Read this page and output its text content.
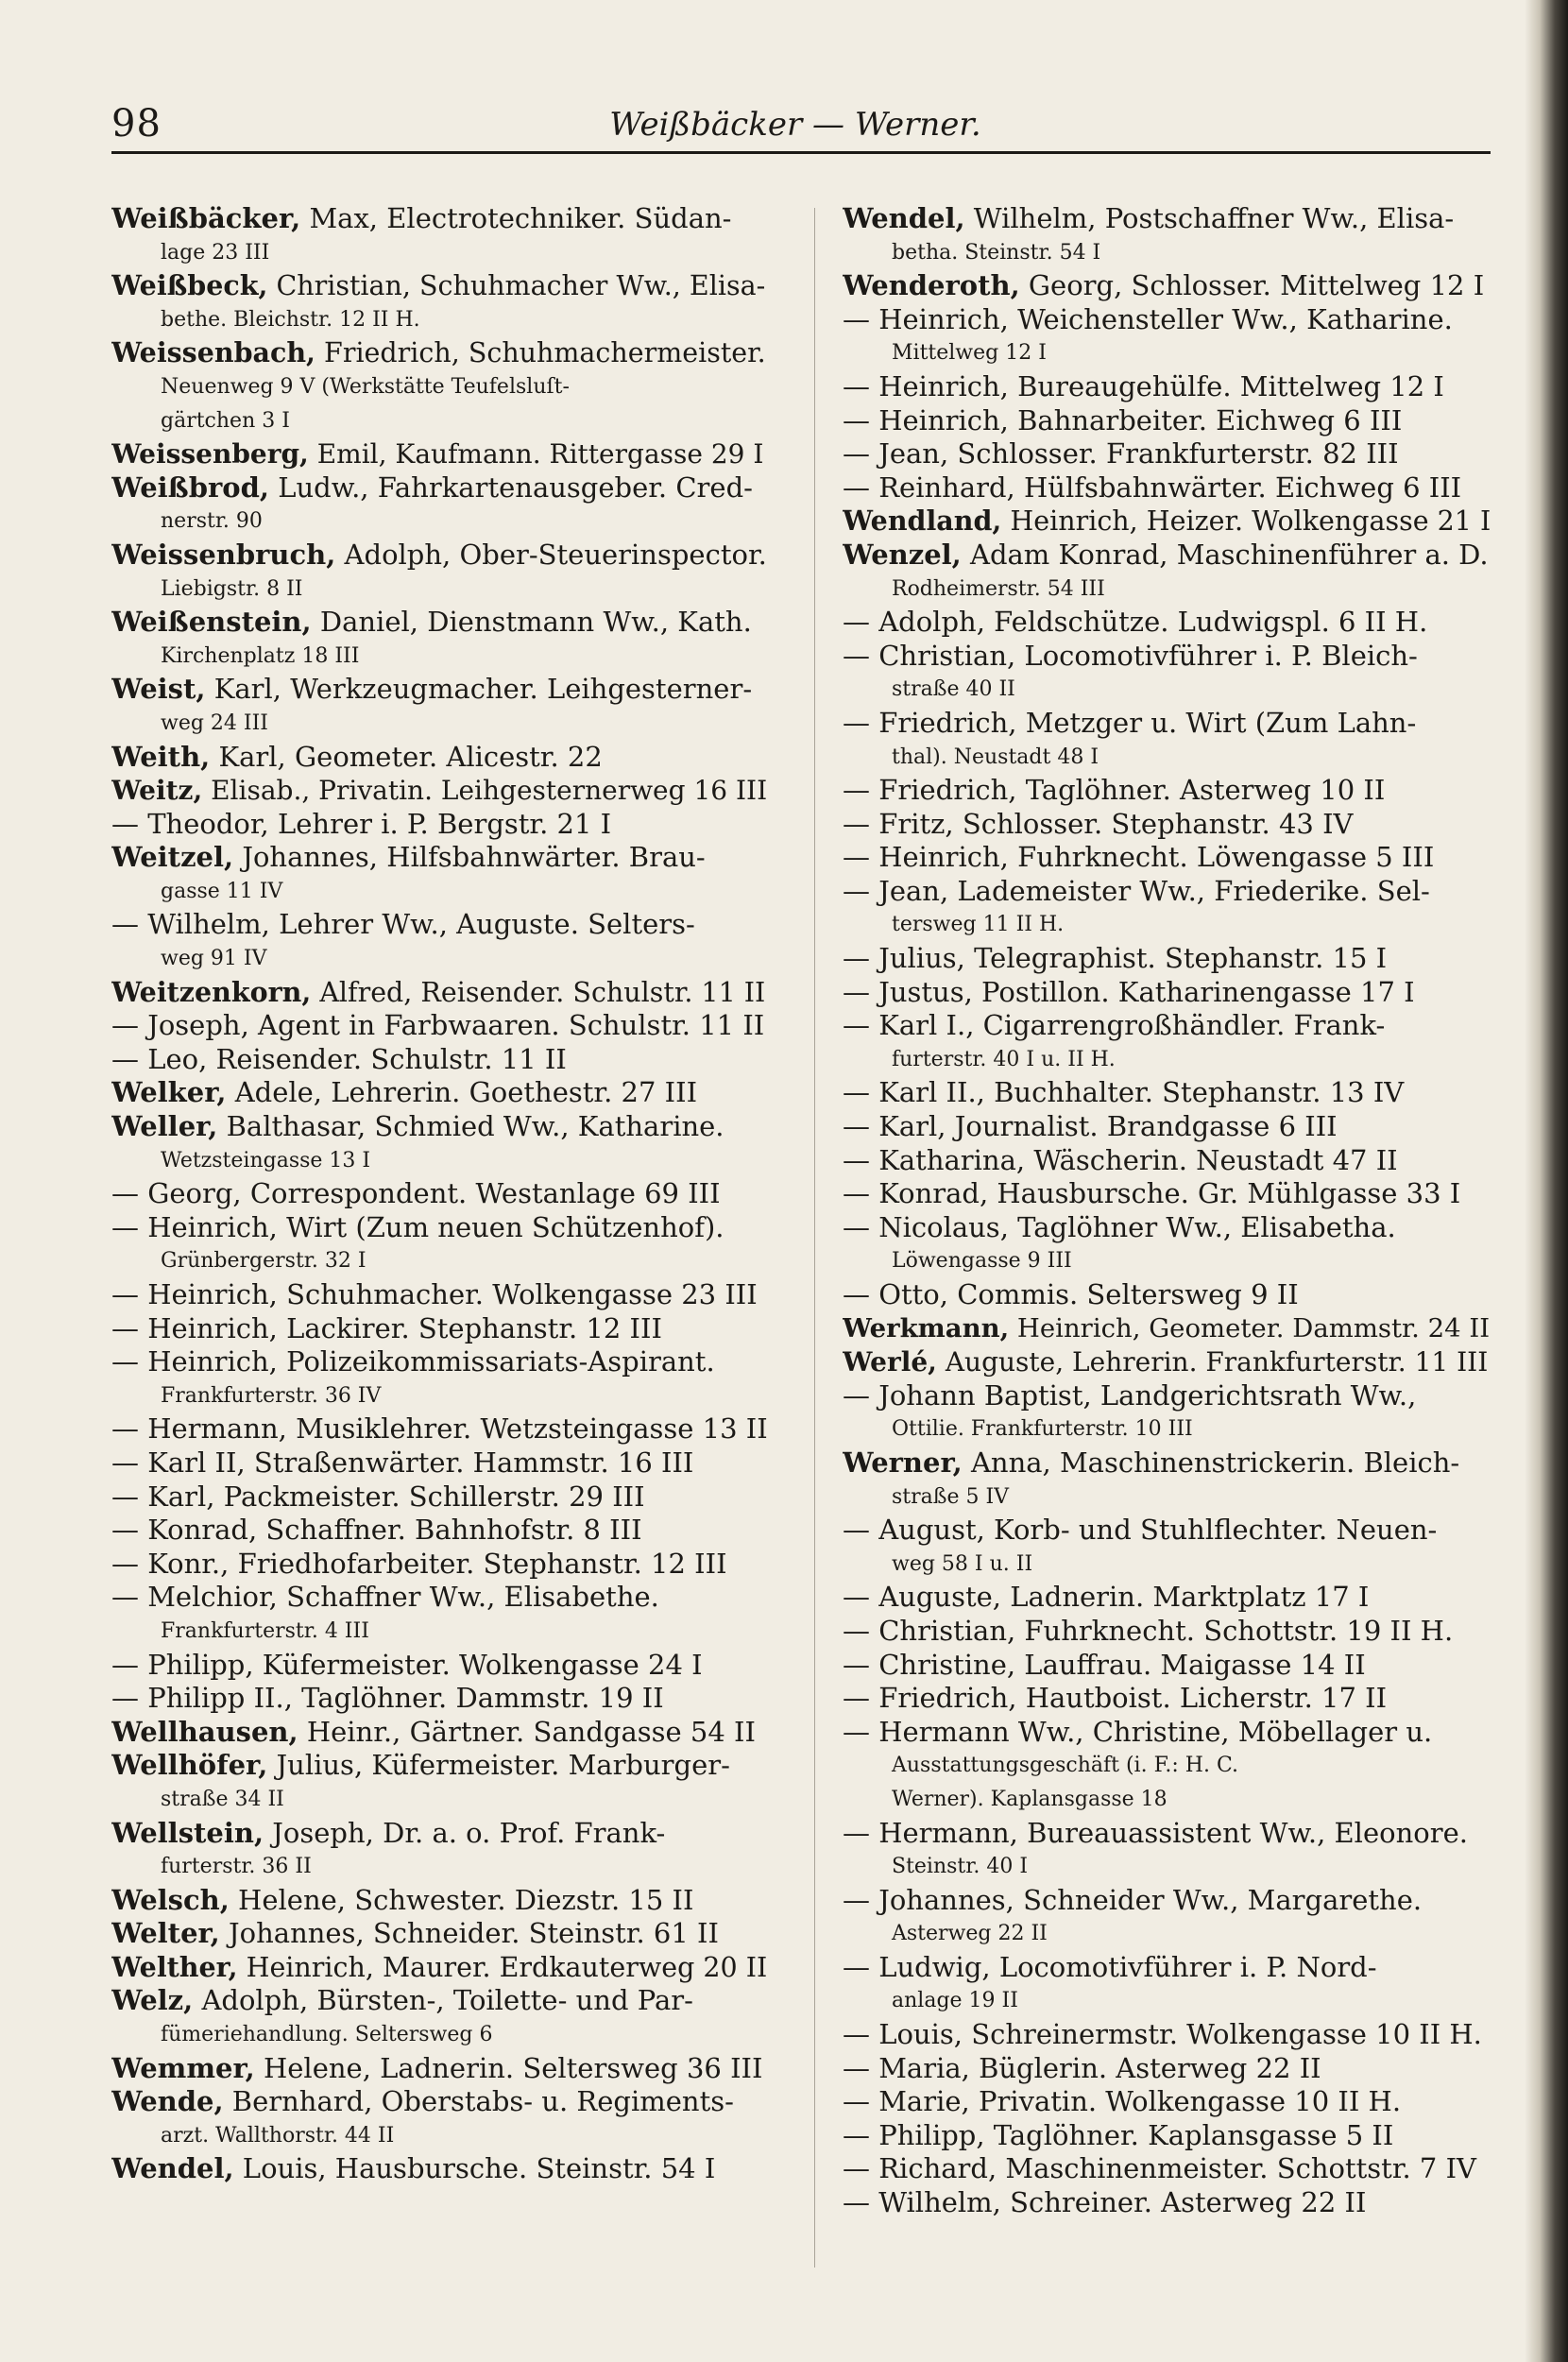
98	Weißbäcker — Werner.
Weißbäcker, Max, Electrotechniker. Südan-
lage 23 III
Weißbeck, Christian, Schuhmacher Ww., Elisa-
bethe. Bleichstr. 12 II H.
Weissenbach, Friedrich, Schuhmachermeister.
Neuenweg 9 V (Werkstätte Teufelsluſt-
gärtchen 3 I
Weissenberg, Emil, Kaufmann. Rittergasse 29 I
Weißbrod, Ludw., Fahrkartenausgeber. Cred-
nerstr. 90
Weissenbruch, Adolph, Ober-Steuerinspector.
Liebigstr. 8 II
Weißenstein, Daniel, Dienstmann Ww., Kath.
Kirchenplatz 18 III
Weist, Karl, Werkzeugmacher. Leihgesterner-
weg 24 III
Weith, Karl, Geometer. Alicestr. 22
Weitz, Elisab., Privatin. Leihgesternerweg 16 III
— Theodor, Lehrer i. P. Bergstr. 21 I
Weitzel, Johannes, Hilfsbahnwärter. Brau-
gasse 11 IV
— Wilhelm, Lehrer Ww., Auguste. Selters-
weg 91 IV
Weitzenkorn, Alfred, Reisender. Schulstr. 11 II
— Joseph, Agent in Farbwaaren. Schulstr. 11 II
— Leo, Reisender. Schulstr. 11 II
Welker, Adele, Lehrerin. Goethestr. 27 III
Weller, Balthasar, Schmied Ww., Katharine.
Wetzsteingasse 13 I
— Georg, Correspondent. Westanlage 69 III
— Heinrich, Wirt (Zum neuen Schützenhof).
Grünbergerstr. 32 I
— Heinrich, Schuhmacher. Wolkengasse 23 III
— Heinrich, Lackirer. Stephanstr. 12 III
— Heinrich, Polizeikommissariats-Aspirant.
Frankfurterstr. 36 IV
— Hermann, Musiklehrer. Wetzsteingasse 13 II
— Karl II, Straßenwärter. Hammstr. 16 III
— Karl, Packmeister. Schillerstr. 29 III
— Konrad, Schaffner. Bahnhofstr. 8 III
— Konr., Friedhofarbeiter. Stephanstr. 12 III
— Melchior, Schaffner Ww., Elisabethe.
Frankfurterstr. 4 III
— Philipp, Küfermeister. Wolkengasse 24 I
— Philipp II., Taglöhner. Dammstr. 19 II
Wellhausen, Heinr., Gärtner. Sandgasse 54 II
Wellhöfer, Julius, Küfermeister. Marburger-
straße 34 II
Wellstein, Joseph, Dr. a. o. Prof. Frank-
furterstr. 36 II
Welsch, Helene, Schwester. Diezstr. 15 II
Welter, Johannes, Schneider. Steinstr. 61 II
Welther, Heinrich, Maurer. Erdkauterweg 20 II
Welz, Adolph, Bürsten-, Toilette- und Par-
fümeriehandlung. Seltersweg 6
Wemmer, Helene, Ladnerin. Seltersweg 36 III
Wende, Bernhard, Oberstabs- u. Regiments-
arzt. Wallthorstr. 44 II
Wendel, Louis, Hausbursche. Steinstr. 54 I
Wendel, Wilhelm, Postschaffner Ww., Elisa-
betha. Steinstr. 54 I
Wenderoth, Georg, Schlosser. Mittelweg 12 I
— Heinrich, Weichensteller Ww., Katharine.
Mittelweg 12 I
— Heinrich, Bureaugehülfe. Mittelweg 12 I
— Heinrich, Bahnarbeiter. Eichweg 6 III
— Jean, Schlosser. Frankfurterstr. 82 III
— Reinhard, Hülfsbahnwärter. Eichweg 6 III
Wendland, Heinrich, Heizer. Wolkengasse 21 I
Wenzel, Adam Konrad, Maschinenführer a. D.
Rodheimerstr. 54 III
— Adolph, Feldschütze. Ludwigspl. 6 II H.
— Christian, Locomotivführer i. P. Bleich-
straße 40 II
— Friedrich, Metzger u. Wirt (Zum Lahn-
thal). Neustadt 48 I
— Friedrich, Taglöhner. Asterweg 10 II
— Fritz, Schlosser. Stephanstr. 43 IV
— Heinrich, Fuhrknecht. Löwengasse 5 III
— Jean, Lademeister Ww., Friederike. Sel-
tersweg 11 II H.
— Julius, Telegraphist. Stephanstr. 15 I
— Justus, Postillon. Katharinengasse 17 I
— Karl I., Cigarrengroßhändler. Frank-
furterstr. 40 I u. II H.
— Karl II., Buchhalter. Stephanstr. 13 IV
— Karl, Journalist. Brandgasse 6 III
— Katharina, Wäscherin. Neustadt 47 II
— Konrad, Hausbursche. Gr. Mühlgasse 33 I
— Nicolaus, Taglöhner Ww., Elisabetha.
Löwengasse 9 III
— Otto, Commis. Seltersweg 9 II
Werkmann, Heinrich, Geometer. Dammstr. 24 II
Werlé, Auguste, Lehrerin. Frankfurterstr. 11 III
— Johann Baptist, Landgerichtsrath Ww.,
Ottilie. Frankfurterstr. 10 III
Werner, Anna, Maschinenstrickerin. Bleich-
straße 5 IV
— August, Korb- und Stuhlflechter. Neuen-
weg 58 I u. II
— Auguste, Ladnerin. Marktplatz 17 I
— Christian, Fuhrknecht. Schottstr. 19 II H.
— Christine, Lauffrau. Maigasse 14 II
— Friedrich, Hautboist. Licherstr. 17 II
— Hermann Ww., Christine, Möbellager u.
Ausstattungsgeschäft (i. F.: H. C.
Werner). Kaplansgasse 18
— Hermann, Bureauassistent Ww., Eleonore.
Steinstr. 40 I
— Johannes, Schneider Ww., Margarethe.
Asterweg 22 II
— Ludwig, Locomotivführer i. P. Nord-
anlage 19 II
— Louis, Schreinermstr. Wolkengasse 10 II H.
— Maria, Büglerin. Asterweg 22 II
— Marie, Privatin. Wolkengasse 10 II H.
— Philipp, Taglöhner. Kaplansgasse 5 II
— Richard, Maschinenmeister. Schottstr. 7 IV
— Wilhelm, Schreiner. Asterweg 22 II
